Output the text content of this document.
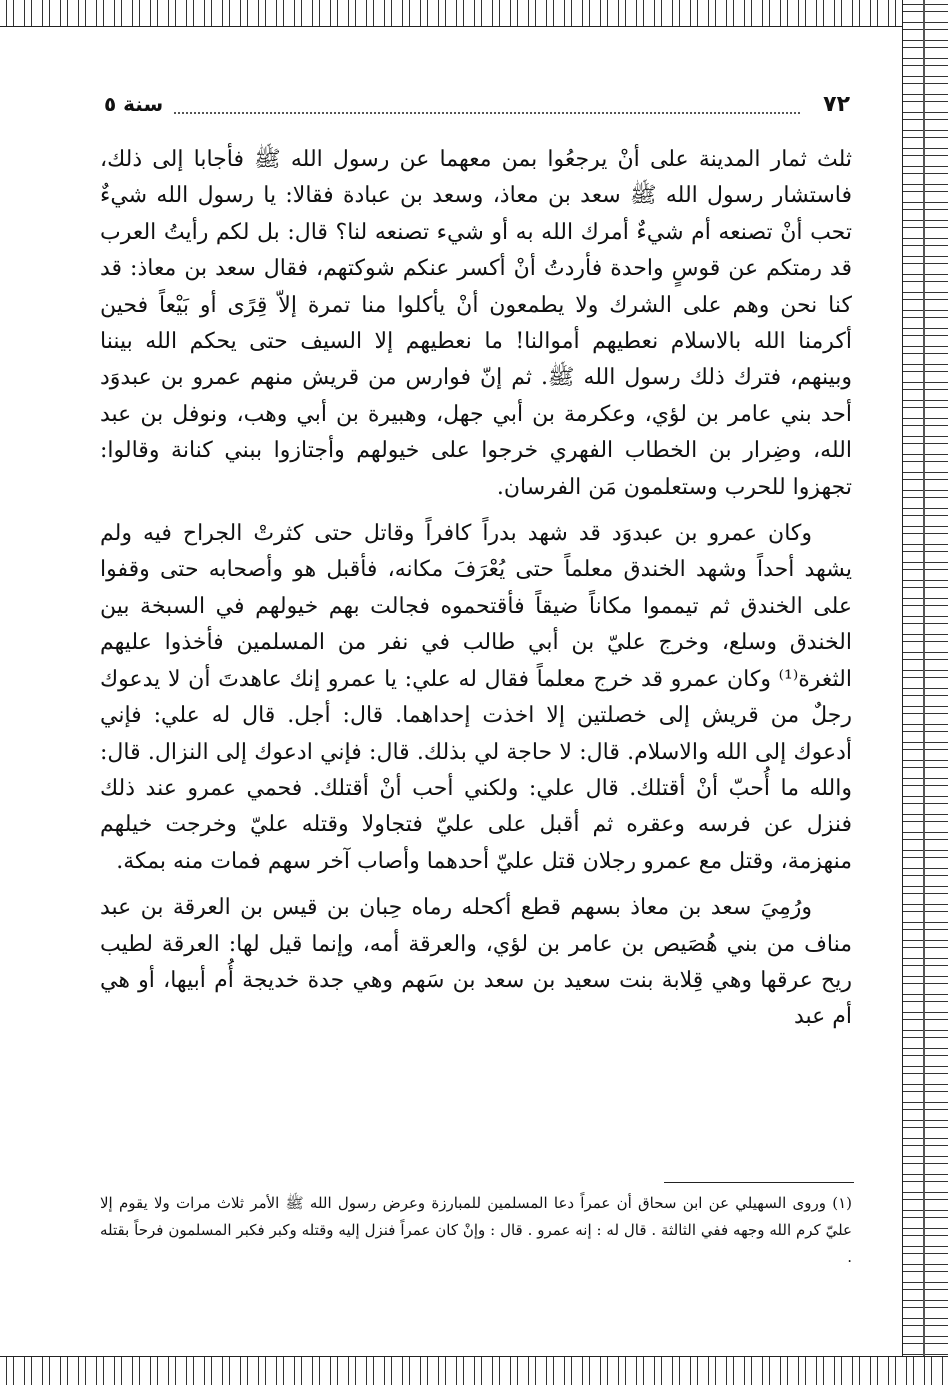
٧٢
سنة ٥

ثلث ثمار المدينة على أنْ يرجعُوا بمن معهما عن رسول الله ﷺ فأجابا إلى ذلك، فاستشار رسول الله ﷺ سعد بن معاذ، وسعد بن عبادة فقالا: يا رسول الله شيءٌ تحب أنْ تصنعه أم شيءٌ أمرك الله به أو شيء تصنعه لنا؟ قال: بل لكم رأيتُ العرب قد رمتكم عن قوسٍ واحدة فأردتُ أنْ أكسر عنكم شوكتهم، فقال سعد بن معاذ: قد كنا نحن وهم على الشرك ولا يطمعون أنْ يأكلوا منا تمرة إلاّ قِرًى أو بَيْعاً فحين أكرمنا الله بالاسلام نعطيهم أموالنا! ما نعطيهم إلا السيف حتى يحكم الله بيننا وبينهم، فترك ذلك رسول الله ﷺ. ثم إنّ فوارس من قريش منهم عمرو بن عبدوَد أحد بني عامر بن لؤي، وعكرمة بن أبي جهل، وهبيرة بن أبي وهب، ونوفل بن عبد الله، وضِرار بن الخطاب الفهري خرجوا على خيولهم وأجتازوا ببني كنانة وقالوا: تجهزوا للحرب وستعلمون مَن الفرسان.

وكان عمرو بن عبدوَد قد شهد بدراً كافراً وقاتل حتى كثرتْ الجراح فيه ولم يشهد أحداً وشهد الخندق معلماً حتى يُعْرَفَ مكانه، فأقبل هو وأصحابه حتى وقفوا على الخندق ثم تيمموا مكاناً ضيقاً فأقتحموه فجالت بهم خيولهم في السبخة بين الخندق وسلع، وخرج عليّ بن أبي طالب في نفر من المسلمين فأخذوا عليهم الثغرة⁽¹⁾ وكان عمرو قد خرج معلماً فقال له علي: يا عمرو إنك عاهدتَ أن لا يدعوك رجلٌ من قريش إلى خصلتين إلا اخذت إحداهما. قال: أجل. قال له علي: فإني أدعوك إلى الله والاسلام. قال: لا حاجة لي بذلك. قال: فإني ادعوك إلى النزال. قال: والله ما أُحبّ أنْ أقتلك. قال علي: ولكني أحب أنْ أقتلك. فحمي عمرو عند ذلك فنزل عن فرسه وعقره ثم أقبل على عليّ فتجاولا وقتله عليّ وخرجت خيلهم منهزمة، وقتل مع عمرو رجلان قتل عليّ أحدهما وأصاب آخر سهم فمات منه بمكة.

ورُمِيَ سعد بن معاذ بسهم قطع أكحله رماه حِبان بن قيس بن العرقة بن عبد مناف من بني هُصَيص بن عامر بن لؤي، والعرقة أمه، وإنما قيل لها: العرقة لطيب ريح عرقها وهي قِلابة بنت سعيد بن سعد بن سَهم وهي جدة خديجة أُم أبيها، أو هي أم عبد

(١) وروى السهيلي عن ابن سحاق أن عمراً دعا المسلمين للمبارزة وعرض رسول الله ﷺ الأمر ثلاث مرات ولا يقوم إلا عليّ كرم الله وجهه ففي الثالثة . قال له : إنه عمرو . قال : وإنْ كان عمراً فنزل إليه وقتله وكبر فكبر المسلمون فرحاً بقتله .
